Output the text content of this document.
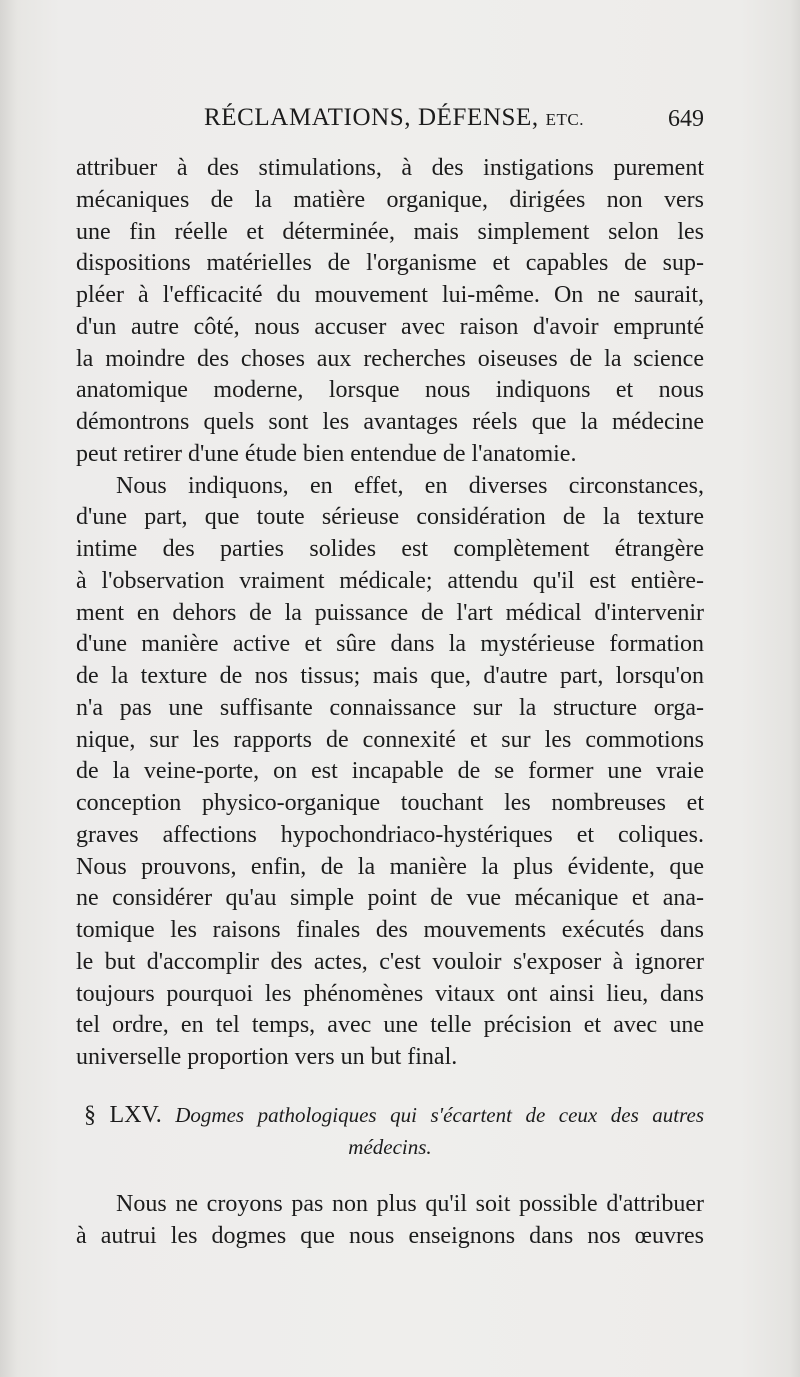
RÉCLAMATIONS, DÉFENSE, ETC.	649
attribuer à des stimulations, à des instigations purement
mécaniques de la matière organique, dirigées non vers
une fin réelle et déterminée, mais simplement selon les
dispositions matérielles de l'organisme et capables de sup-
pléer à l'efficacité du mouvement lui-même. On ne saurait,
d'un autre côté, nous accuser avec raison d'avoir emprunté
la moindre des choses aux recherches oiseuses de la science
anatomique moderne, lorsque nous indiquons et nous
démontrons quels sont les avantages réels que la médecine
peut retirer d'une étude bien entendue de l'anatomie.
Nous indiquons, en effet, en diverses circonstances,
d'une part, que toute sérieuse considération de la texture
intime des parties solides est complètement étrangère
à l'observation vraiment médicale; attendu qu'il est entière-
ment en dehors de la puissance de l'art médical d'intervenir
d'une manière active et sûre dans la mystérieuse formation
de la texture de nos tissus; mais que, d'autre part, lorsqu'on
n'a pas une suffisante connaissance sur la structure orga-
nique, sur les rapports de connexité et sur les commotions
de la veine-porte, on est incapable de se former une vraie
conception physico-organique touchant les nombreuses et
graves affections hypochondriaco-hystériques et coliques.
Nous prouvons, enfin, de la manière la plus évidente, que
ne considérer qu'au simple point de vue mécanique et ana-
tomique les raisons finales des mouvements exécutés dans
le but d'accomplir des actes, c'est vouloir s'exposer à ignorer
toujours pourquoi les phénomènes vitaux ont ainsi lieu, dans
tel ordre, en tel temps, avec une telle précision et avec une
universelle proportion vers un but final.
§ LXV. Dogmes pathologiques qui s'écartent de ceux des autres
médecins.
Nous ne croyons pas non plus qu'il soit possible d'attribuer
à autrui les dogmes que nous enseignons dans nos œuvres
